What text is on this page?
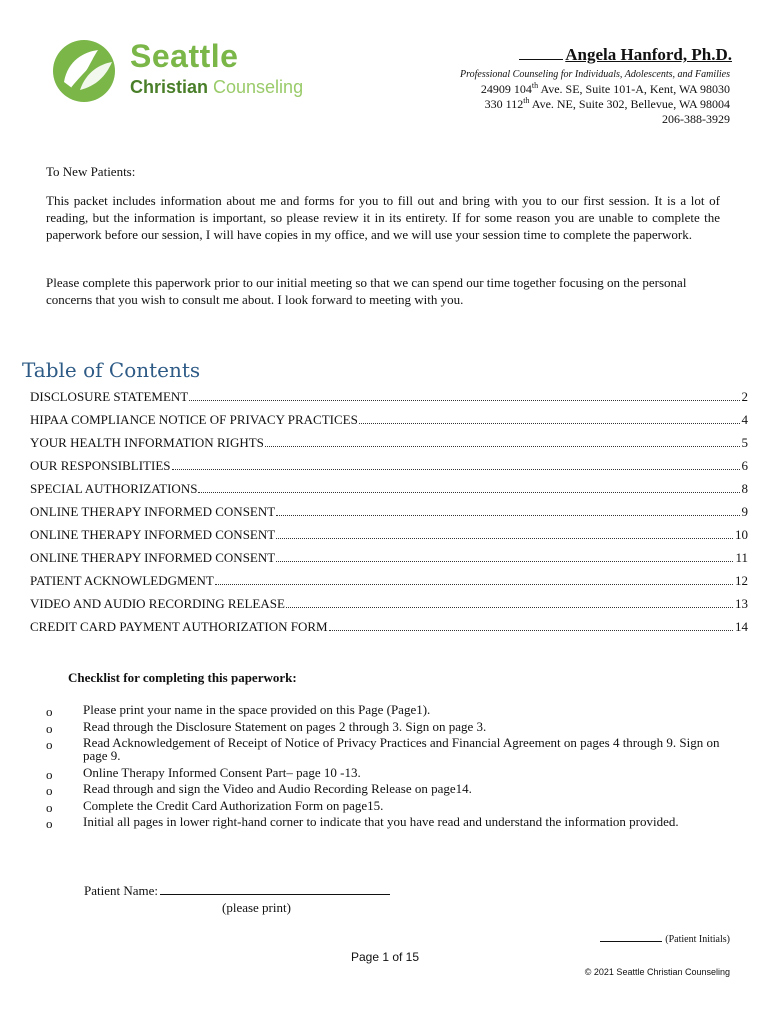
Seattle
Christian Counseling
Angela Hanford, Ph.D.
Professional Counseling for Individuals, Adolescents, and Families
24909 104th Ave. SE, Suite 101-A, Kent, WA 98030
330 112th Ave. NE, Suite 302, Bellevue, WA 98004
206-388-3929
To New Patients:
This packet includes information about me and forms for you to fill out and bring with you to our first session. It is a lot of reading, but the information is important, so please review it in its entirety. If for some reason you are unable to complete the paperwork before our session, I will have copies in my office, and we will use your session time to complete the paperwork.
Please complete this paperwork prior to our initial meeting so that we can spend our time together focusing on the personal concerns that you wish to consult me about. I look forward to meeting with you.
Table of Contents
DISCLOSURE STATEMENT	2
HIPAA COMPLIANCE NOTICE OF PRIVACY PRACTICES	4
YOUR HEALTH INFORMATION RIGHTS	5
OUR RESPONSIBLITIES	6
SPECIAL AUTHORIZATIONS	8
ONLINE THERAPY INFORMED CONSENT	9
ONLINE THERAPY INFORMED CONSENT	10
ONLINE THERAPY INFORMED CONSENT	11
PATIENT ACKNOWLEDGMENT	12
VIDEO AND AUDIO RECORDING RELEASE	13
CREDIT CARD PAYMENT AUTHORIZATION FORM	14
Checklist for completing this paperwork:
o Please print your name in the space provided on this Page (Page1).
o Read through the Disclosure Statement on pages 2 through 3. Sign on page 3.
o Read Acknowledgement of Receipt of Notice of Privacy Practices and Financial Agreement on pages 4 through 9. Sign on page 9.
o Online Therapy Informed Consent Part– page 10 -13.
o Read through and sign the Video and Audio Recording Release on page14.
o Complete the Credit Card Authorization Form on page15.
o Initial all pages in lower right-hand corner to indicate that you have read and understand the information provided.
Patient Name:
(please print)
(Patient Initials)
Page 1 of 15
© 2021 Seattle Christian Counseling
